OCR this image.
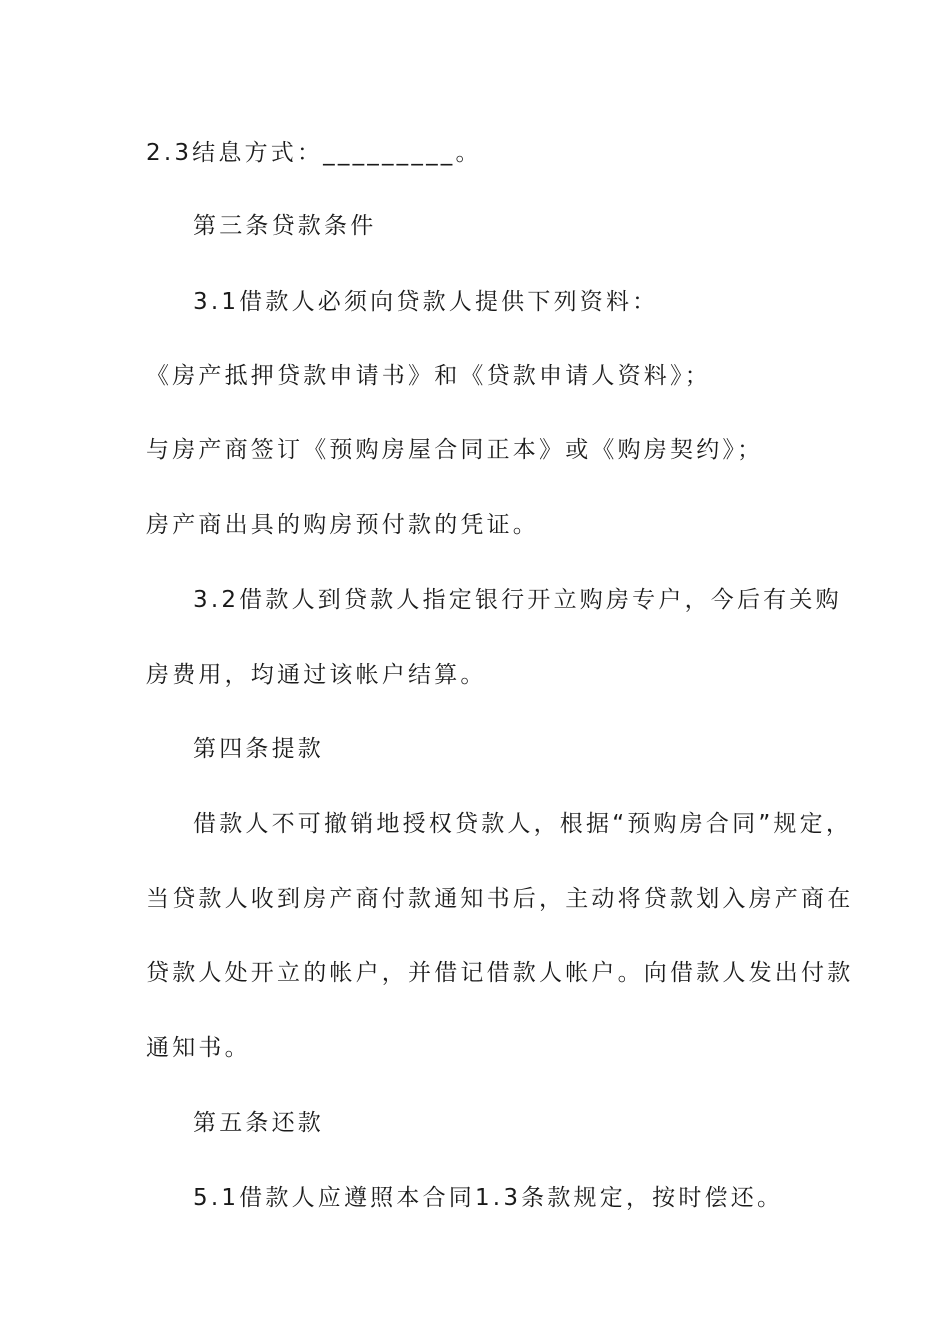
2.3结息方式：_________。
第三条贷款条件
3.1借款人必须向贷款人提供下列资料：
《房产抵押贷款申请书》和《贷款申请人资料》；
与房产商签订《预购房屋合同正本》或《购房契约》；
房产商出具的购房预付款的凭证。
3.2借款人到贷款人指定银行开立购房专户，今后有关购
房费用，均通过该帐户结算。
第四条提款
借款人不可撤销地授权贷款人，根据“预购房合同”规定，
当贷款人收到房产商付款通知书后，主动将贷款划入房产商在
贷款人处开立的帐户，并借记借款人帐户。向借款人发出付款
通知书。
第五条还款
5.1借款人应遵照本合同1.3条款规定，按时偿还。
